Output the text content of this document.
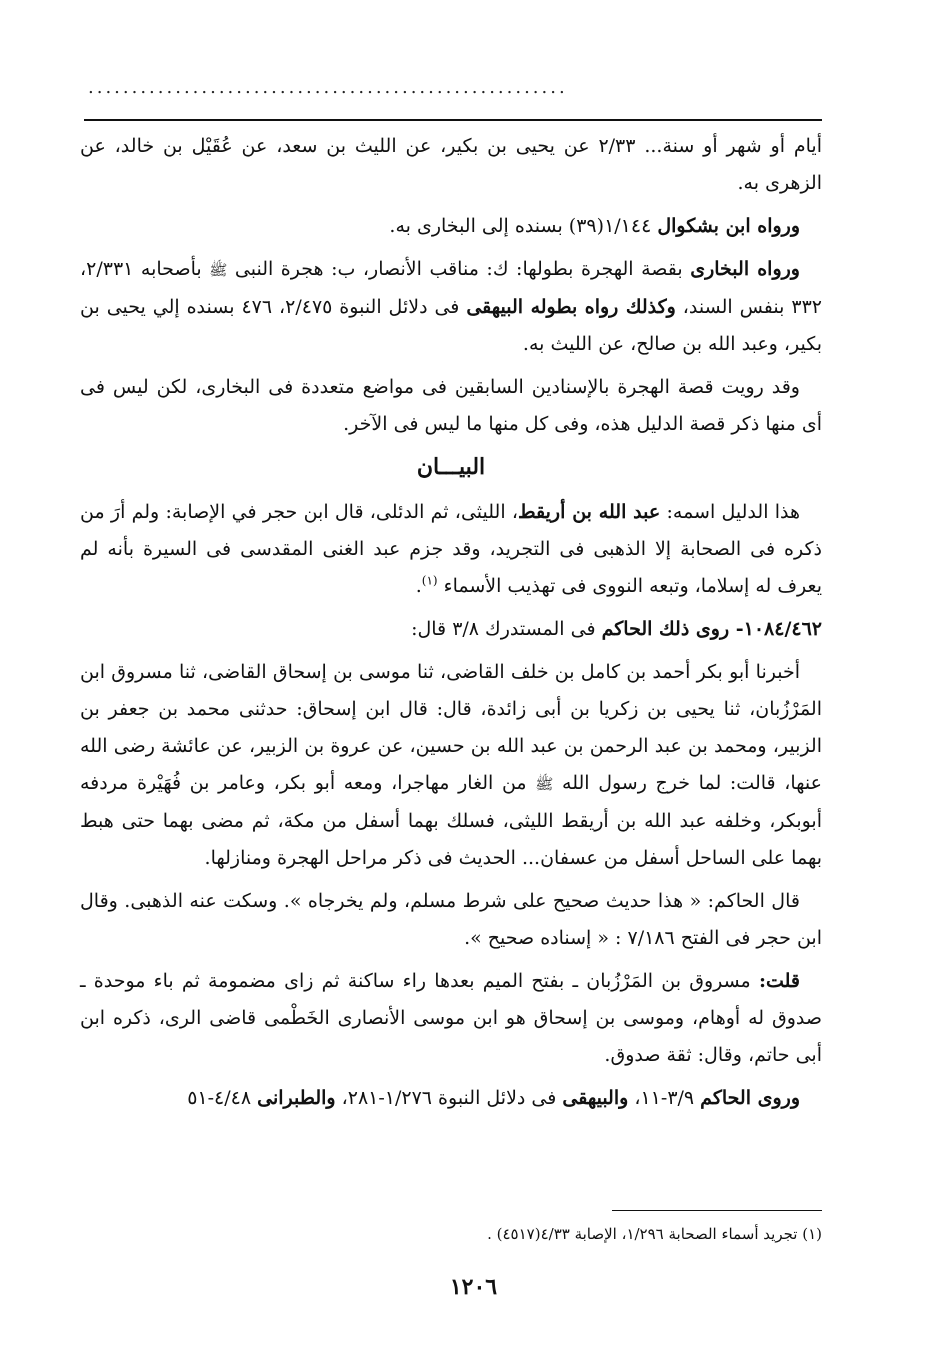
.......................................................

أيام أو شهر أو سنة... ٢/٣٣ عن يحيى بن بكير، عن الليث بن سعد، عن عُقَيْل بن خالد، عن الزهرى به.

ورواه ابن بشكوال ١/١٤٤(٣٩) بسنده إلى البخارى به.

ورواه البخارى بقصة الهجرة بطولها: ك: مناقب الأنصار، ب: هجرة النبى ﷺ بأصحابه ٢/٣٣١، ٣٣٢ بنفس السند، وكذلك رواه بطوله البيهقى فى دلائل النبوة ٢/٤٧٥، ٤٧٦ بسنده إلي يحيى بن بكير، وعبد الله بن صالح، عن الليث به.

وقد رويت قصة الهجرة بالإسنادين السابقين فى مواضع متعددة فى البخارى، لكن ليس فى أى منها ذكر قصة الدليل هذه، وفى كل منها ما ليس فى الآخر.

البيـــان

هذا الدليل اسمه: عبد الله بن أريقط، الليثى، ثم الدئلى، قال ابن حجر في الإصابة: ولم أرَ من ذكره فى الصحابة إلا الذهبى فى التجريد، وقد جزم عبد الغنى المقدسى فى السيرة بأنه لم يعرف له إسلاما، وتبعه النووى فى تهذيب الأسماء $^{(١)}$.

١٠٨٤/٤٦٢- روى ذلك الحاكم فى المستدرك ٣/٨ قال:

أخبرنا أبو بكر أحمد بن كامل بن خلف القاضى، ثنا موسى بن إسحاق القاضى، ثنا مسروق ابن المَرْزُبان، ثنا يحيى بن زكريا بن أبى زائدة، قال: قال ابن إسحاق: حدثنى محمد بن جعفر بن الزبير، ومحمد بن عبد الرحمن بن عبد الله بن حسين، عن عروة بن الزبير، عن عائشة رضى الله عنها، قالت: لما خرج رسول الله ﷺ من الغار مهاجرا، ومعه أبو بكر، وعامر بن فُهَيْرة مردفه أبوبكر، وخلفه عبد الله بن أريقط الليثى، فسلك بهما أسفل من مكة، ثم مضى بهما حتى هبط بهما على الساحل أسفل من عسفان... الحديث فى ذكر مراحل الهجرة ومنازلها.

قال الحاكم: « هذا حديث صحيح على شرط مسلم، ولم يخرجاه ». وسكت عنه الذهبى. وقال ابن حجر فى الفتح ٧/١٨٦ : « إسناده صحيح ».

قلت: مسروق بن المَرْزُبان ـ بفتح الميم بعدها راء ساكنة ثم زاى مضمومة ثم باء موحدة ـ صدوق له أوهام، وموسى بن إسحاق هو ابن موسى الأنصارى الخَطْمى قاضى الرى، ذكره ابن أبى حاتم، وقال: ثقة صدوق.

وروى الحاكم ٣/٩-١١، والبيهقى فى دلائل النبوة ١/٢٧٦-٢٨١، والطبرانى ٤/٤٨-٥١

(١) تجريد أسماء الصحابة ١/٢٩٦، الإصابة ٤/٣٣(٤٥١٧) .
١٢٠٦
